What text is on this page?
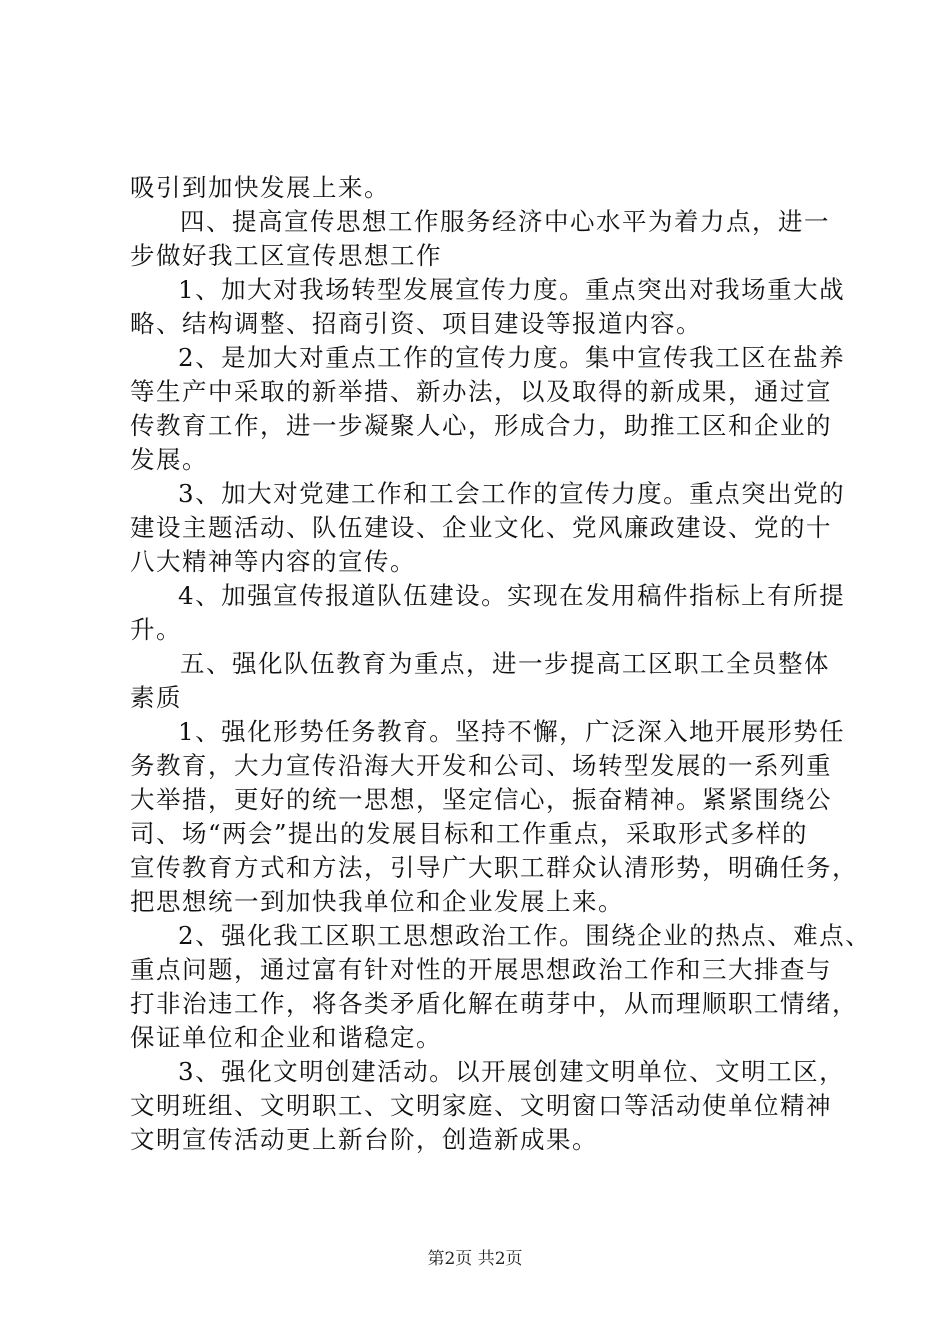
吸引到加快发展上来。
四、提高宣传思想工作服务经济中心水平为着力点，进一
步做好我工区宣传思想工作
1、加大对我场转型发展宣传力度。重点突出对我场重大战
略、结构调整、招商引资、项目建设等报道内容。
2、是加大对重点工作的宣传力度。集中宣传我工区在盐养
等生产中采取的新举措、新办法，以及取得的新成果，通过宣
传教育工作，进一步凝聚人心，形成合力，助推工区和企业的
发展。
3、加大对党建工作和工会工作的宣传力度。重点突出党的
建设主题活动、队伍建设、企业文化、党风廉政建设、党的十
八大精神等内容的宣传。
4、加强宣传报道队伍建设。实现在发用稿件指标上有所提
升。
五、强化队伍教育为重点，进一步提高工区职工全员整体
素质
1、强化形势任务教育。坚持不懈，广泛深入地开展形势任
务教育，大力宣传沿海大开发和公司、场转型发展的一系列重
大举措，更好的统一思想，坚定信心，振奋精神。紧紧围绕公
司、场“两会”提出的发展目标和工作重点，采取形式多样的
宣传教育方式和方法，引导广大职工群众认清形势，明确任务，
把思想统一到加快我单位和企业发展上来。
2、强化我工区职工思想政治工作。围绕企业的热点、难点、
重点问题，通过富有针对性的开展思想政治工作和三大排查与
打非治违工作，将各类矛盾化解在萌芽中，从而理顺职工情绪，
保证单位和企业和谐稳定。
3、强化文明创建活动。以开展创建文明单位、文明工区，
文明班组、文明职工、文明家庭、文明窗口等活动使单位精神
文明宣传活动更上新台阶，创造新成果。
第2页 共2页
